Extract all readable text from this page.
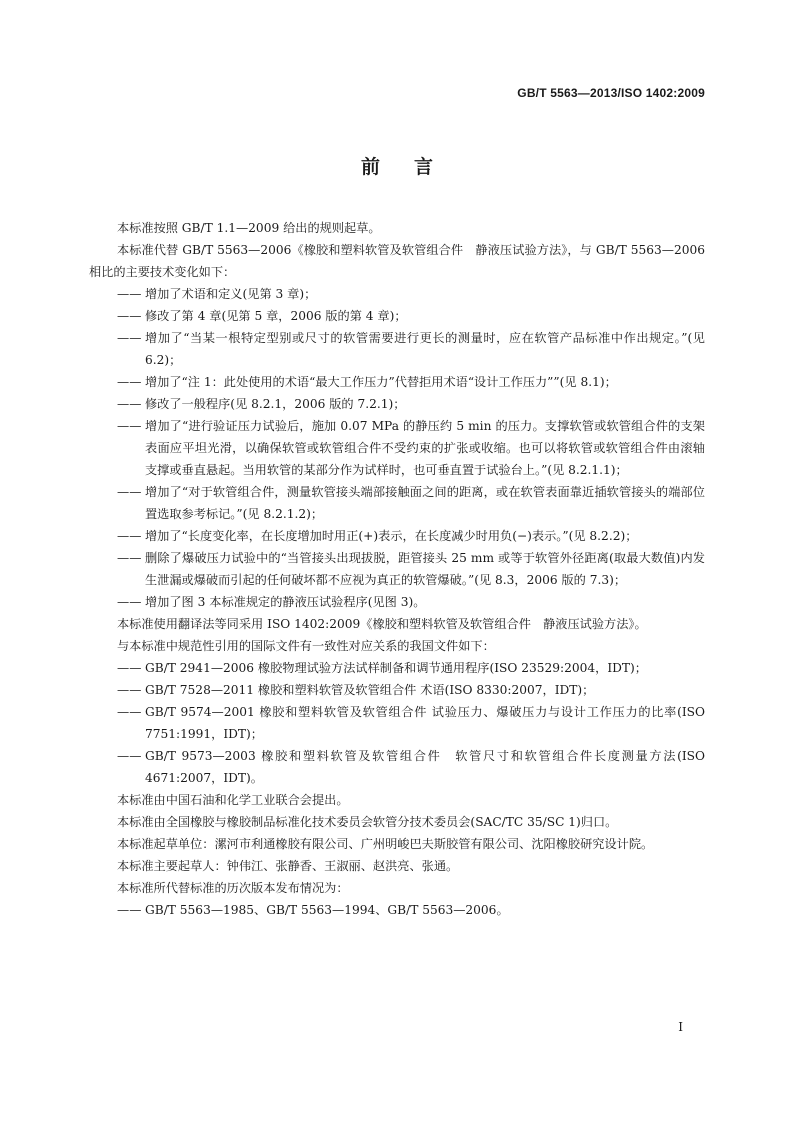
GB/T 5563—2013/ISO 1402:2009
前言

本标准按照 GB/T 1.1—2009 给出的规则起草。

本标准代替 GB/T 5563—2006《橡胶和塑料软管及软管组合件　静液压试验方法》，与 GB/T 5563—2006 相比的主要技术变化如下：

—— 增加了术语和定义(见第 3 章)；
—— 修改了第 4 章(见第 5 章，2006 版的第 4 章)；
—— 增加了“当某一根特定型别或尺寸的软管需要进行更长的测量时，应在软管产品标准中作出规定。”(见 6.2)；
—— 增加了“注 1：此处使用的术语“最大工作压力”代替拒用术语“设计工作压力””(见 8.1)；
—— 修改了一般程序(见 8.2.1，2006 版的 7.2.1)；
—— 增加了“进行验证压力试验后，施加 0.07 MPa 的静压约 5 min 的压力。支撑软管或软管组合件的支架表面应平坦光滑，以确保软管或软管组合件不受约束的扩张或收缩。也可以将软管或软管组合件由滚轴支撑或垂直悬起。当用软管的某部分作为试样时，也可垂直置于试验台上。”(见 8.2.1.1)；
—— 增加了“对于软管组合件，测量软管接头端部接触面之间的距离，或在软管表面靠近插软管接头的端部位置选取参考标记。”(见 8.2.1.2)；
—— 增加了“长度变化率，在长度增加时用正(+)表示，在长度减少时用负(−)表示。”(见 8.2.2)；
—— 删除了爆破压力试验中的“当管接头出现拔脱，距管接头 25 mm 或等于软管外径距离(取最大数值)内发生泄漏或爆破而引起的任何破坏都不应视为真正的软管爆破。”(见 8.3，2006 版的 7.3)；
—— 增加了图 3 本标准规定的静液压试验程序(见图 3)。

本标准使用翻译法等同采用 ISO 1402:2009《橡胶和塑料软管及软管组合件　静液压试验方法》。

与本标准中规范性引用的国际文件有一致性对应关系的我国文件如下：

—— GB/T 2941—2006 橡胶物理试验方法试样制备和调节通用程序(ISO 23529:2004，IDT)；
—— GB/T 7528—2011 橡胶和塑料软管及软管组合件 术语(ISO 8330:2007，IDT)；
—— GB/T 9574—2001 橡胶和塑料软管及软管组合件 试验压力、爆破压力与设计工作压力的比率(ISO 7751:1991，IDT)；
—— GB/T 9573—2003 橡胶和塑料软管及软管组合件　软管尺寸和软管组合件长度测量方法(ISO 4671:2007，IDT)。

本标准由中国石油和化学工业联合会提出。

本标准由全国橡胶与橡胶制品标准化技术委员会软管分技术委员会(SAC/TC 35/SC 1)归口。

本标准起草单位：漯河市利通橡胶有限公司、广州明峻巴夫斯胶管有限公司、沈阳橡胶研究设计院。

本标准主要起草人：钟伟江、张静香、王淑丽、赵洪亮、张通。

本标准所代替标准的历次版本发布情况为：

—— GB/T 5563—1985、GB/T 5563—1994、GB/T 5563—2006。
I
